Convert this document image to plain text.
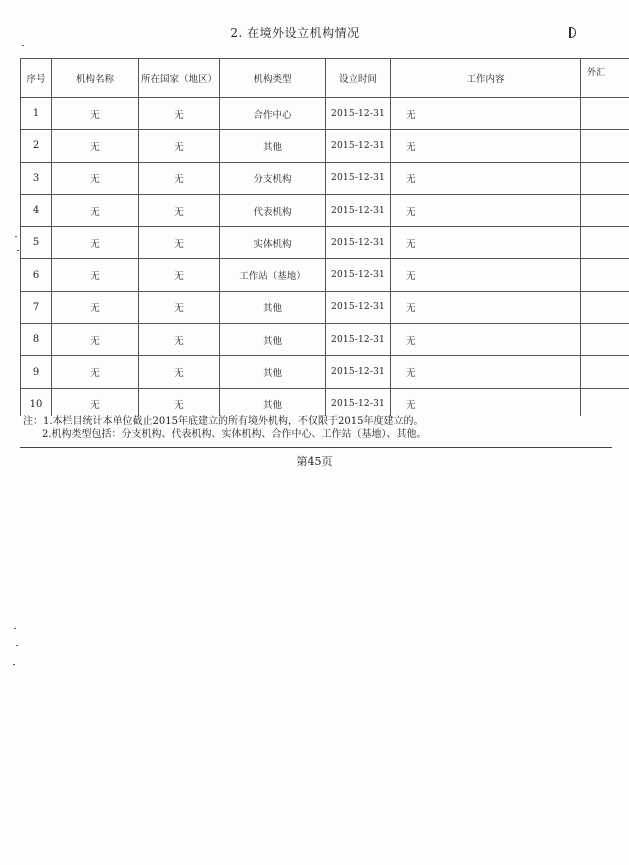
2. 在境外设立机构情况
序号	机构名称	所在国家（地区）	机构类型	设立时间	工作内容	外汇
1	无	无	合作中心	2015-12-31	无	
2	无	无	其他	2015-12-31	无	
3	无	无	分支机构	2015-12-31	无	
4	无	无	代表机构	2015-12-31	无	
5	无	无	实体机构	2015-12-31	无	
6	无	无	工作站（基地）	2015-12-31	无	
7	无	无	其他	2015-12-31	无	
8	无	无	其他	2015-12-31	无	
9	无	无	其他	2015-12-31	无	
10	无	无	其他	2015-12-31	无	
注：1.本栏目统计本单位截止2015年底建立的所有境外机构，不仅限于2015年度建立的。
2.机构类型包括：分支机构、代表机构、实体机构、合作中心、工作站（基地）、其他。
第45页
